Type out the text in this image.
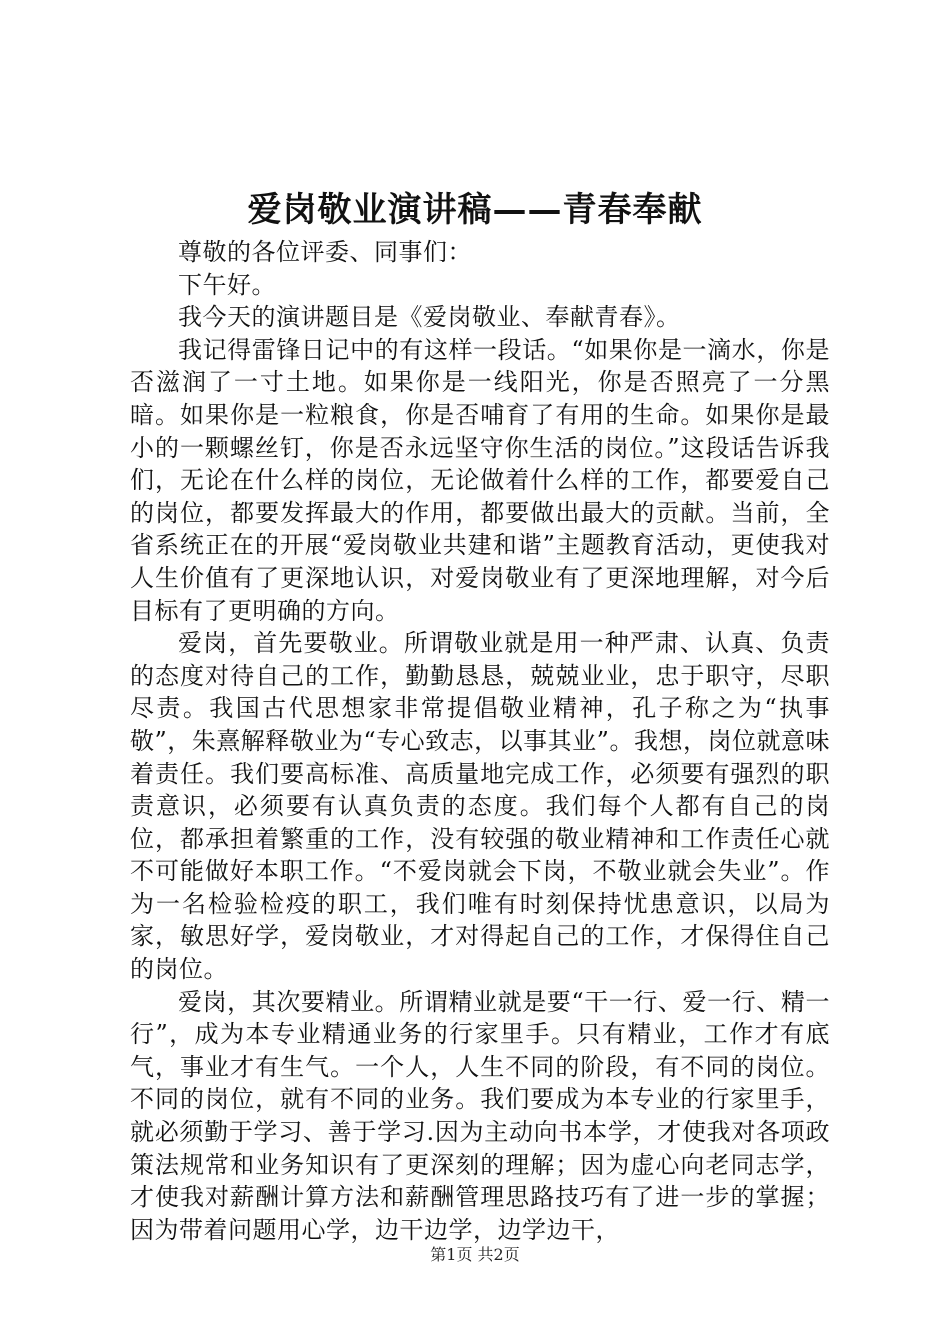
爱岗敬业演讲稿——青春奉献

尊敬的各位评委、同事们：

下午好。

我今天的演讲题目是《爱岗敬业、奉献青春》。

我记得雷锋日记中的有这样一段话。“如果你是一滴水，你是否滋润了一寸土地。如果你是一线阳光，你是否照亮了一分黑暗。如果你是一粒粮食，你是否哺育了有用的生命。如果你是最小的一颗螺丝钉，你是否永远坚守你生活的岗位。”这段话告诉我们，无论在什么样的岗位，无论做着什么样的工作，都要爱自己的岗位，都要发挥最大的作用，都要做出最大的贡献。当前，全省系统正在的开展“爱岗敬业共建和谐”主题教育活动，更使我对人生价值有了更深地认识，对爱岗敬业有了更深地理解，对今后目标有了更明确的方向。

爱岗，首先要敬业。所谓敬业就是用一种严肃、认真、负责的态度对待自己的工作，勤勤恳恳，兢兢业业，忠于职守，尽职尽责。我国古代思想家非常提倡敬业精神，孔子称之为“执事敬”，朱熹解释敬业为“专心致志，以事其业”。我想，岗位就意味着责任。我们要高标准、高质量地完成工作，必须要有强烈的职责意识，必须要有认真负责的态度。我们每个人都有自己的岗位，都承担着繁重的工作，没有较强的敬业精神和工作责任心就不可能做好本职工作。“不爱岗就会下岗，不敬业就会失业”。作为一名检验检疫的职工，我们唯有时刻保持忧患意识，以局为家，敏思好学，爱岗敬业，才对得起自己的工作，才保得住自己的岗位。

爱岗，其次要精业。所谓精业就是要“干一行、爱一行、精一行”，成为本专业精通业务的行家里手。只有精业，工作才有底气，事业才有生气。一个人，人生不同的阶段，有不同的岗位。不同的岗位，就有不同的业务。我们要成为本专业的行家里手，就必须勤于学习、善于学习.因为主动向书本学，才使我对各项政策法规常和业务知识有了更深刻的理解；因为虚心向老同志学，才使我对薪酬计算方法和薪酬管理思路技巧有了进一步的掌握；因为带着问题用心学，边干边学，边学边干，

第1页 共2页
